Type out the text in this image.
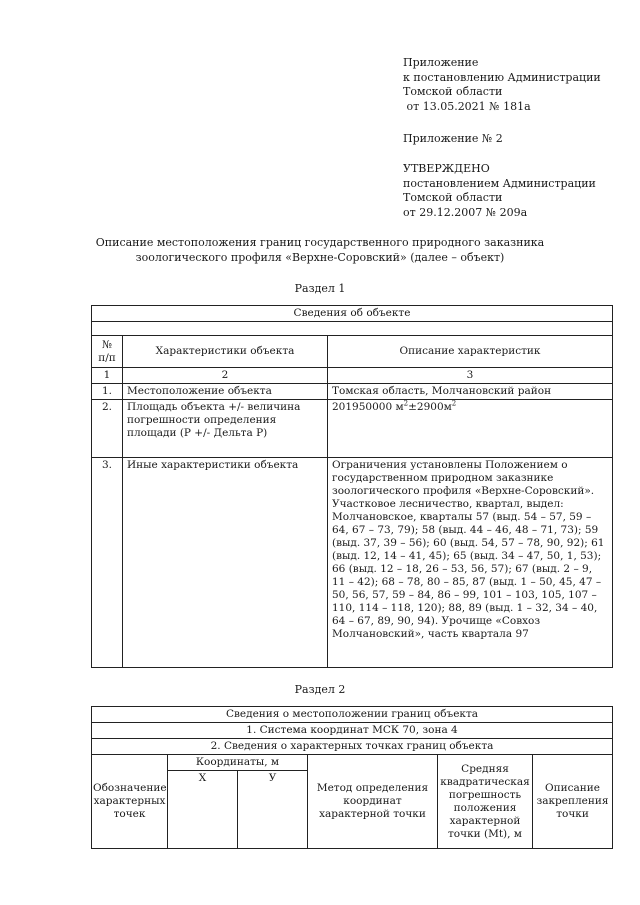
Приложение
к постановлению Администрации
Томской области
от 13.05.2021 № 181а
Приложение № 2
УТВЕРЖДЕНО
постановлением Администрации
Томской области
от 29.12.2007 № 209а
Описание местоположения границ государственного природного заказника
зоологического профиля «Верхне-Соровский» (далее – объект)
Раздел 1
Сведения об объекте		

№ п/п	Характеристики объекта	Описание характеристик
1	2	3
1.	Местоположение объекта	Томская область, Молчановский район
2.	Площадь объекта +/- величина погрешности определения площади (Р +/- Дельта Р)	201950000 $м^2\pm 2900м^2$
3.	Иные характеристики объекта	Ограничения установлены Положением о государственном природном заказнике зоологического профиля «Верхне-Соровский». Участковое лесничество, квартал, выдел: Молчановское, кварталы 57 (выд. 54 – 57, 59 – 64, 67 – 73, 79); 58 (выд. 44 – 46, 48 – 71, 73); 59 (выд. 37, 39 – 56); 60 (выд. 54, 57 – 78, 90, 92); 61 (выд. 12, 14 – 41, 45); 65 (выд. 34 – 47, 50, 1, 53); 66 (выд. 12 – 18, 26 – 53, 56, 57); 67 (выд. 2 – 9, 11 – 42); 68 – 78, 80 – 85, 87 (выд. 1 – 50, 45, 47 – 50, 56, 57, 59 – 84, 86 – 99, 101 – 103, 105, 107 – 110, 114 – 118, 120); 88, 89 (выд. 1 – 32, 34 – 40, 64 – 67, 89, 90, 94). Урочище «Совхоз Молчановский», часть квартала 97
Раздел 2
Сведения о местоположении границ объекта					
1. Система координат МСК 70, зона 4					
2. Сведения о характерных точках границ объекта					
Обозначение характерных точек	Координаты, м		Метод определения координат характерной точки	Средняя квадратическая погрешность положения характерной точки (Mt), м	Описание закрепления точки
	Х	У			
